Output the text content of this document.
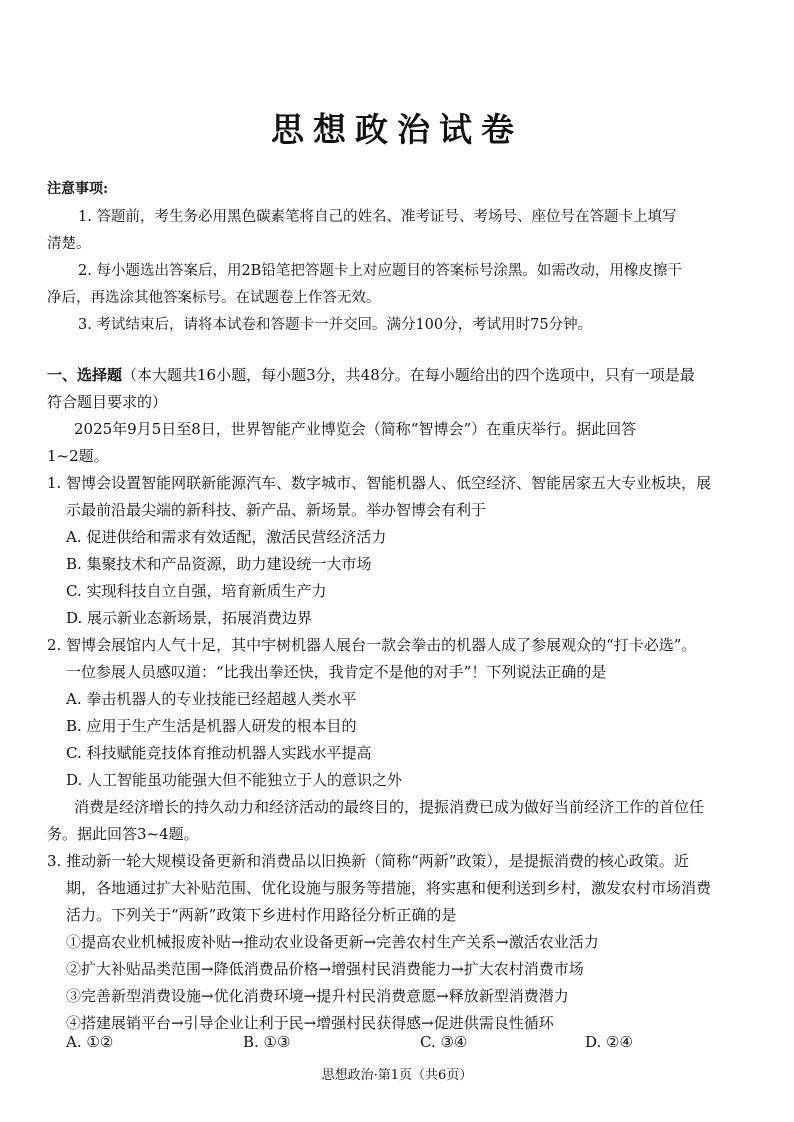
思想政治试卷
注意事项:
1. 答题前，考生务必用黑色碳素笔将自己的姓名、准考证号、考场号、座位号在答题卡上填写
清楚。
2. 每小题选出答案后，用2B铅笔把答题卡上对应题目的答案标号涂黑。如需改动，用橡皮擦干
净后，再选涂其他答案标号。在试题卷上作答无效。
3. 考试结束后，请将本试卷和答题卡一并交回。满分100分，考试用时75分钟。
一、选择题（本大题共16小题，每小题3分，共48分。在每小题给出的四个选项中，只有一项是最
符合题目要求的）
2025年9月5日至8日，世界智能产业博览会（简称“智博会”）在重庆举行。据此回答
1~2题。
1. 智博会设置智能网联新能源汽车、数字城市、智能机器人、低空经济、智能居家五大专业板块，展
示最前沿最尖端的新科技、新产品、新场景。举办智博会有利于
A. 促进供给和需求有效适配，激活民营经济活力
B. 集聚技术和产品资源，助力建设统一大市场
C. 实现科技自立自强，培育新质生产力
D. 展示新业态新场景，拓展消费边界
2. 智博会展馆内人气十足，其中宇树机器人展台一款会拳击的机器人成了参展观众的“打卡必选”。
一位参展人员感叹道：“比我出拳还快，我肯定不是他的对手”！下列说法正确的是
A. 拳击机器人的专业技能已经超越人类水平
B. 应用于生产生活是机器人研发的根本目的
C. 科技赋能竞技体育推动机器人实践水平提高
D. 人工智能虽功能强大但不能独立于人的意识之外
消费是经济增长的持久动力和经济活动的最终目的，提振消费已成为做好当前经济工作的首位任
务。据此回答3~4题。
3. 推动新一轮大规模设备更新和消费品以旧换新（简称“两新”政策），是提振消费的核心政策。近
期，各地通过扩大补贴范围、优化设施与服务等措施，将实惠和便利送到乡村，激发农村市场消费
活力。下列关于“两新”政策下乡进村作用路径分析正确的是
①提高农业机械报废补贴→推动农业设备更新→完善农村生产关系→激活农业活力
②扩大补贴品类范围→降低消费品价格→增强村民消费能力→扩大农村消费市场
③完善新型消费设施→优化消费环境→提升村民消费意愿→释放新型消费潜力
④搭建展销平台→引导企业让利于民→增强村民获得感→促进供需良性循环
A. ①②	B. ①③	C. ③④	D. ②④
思想政治·第1页（共6页）
